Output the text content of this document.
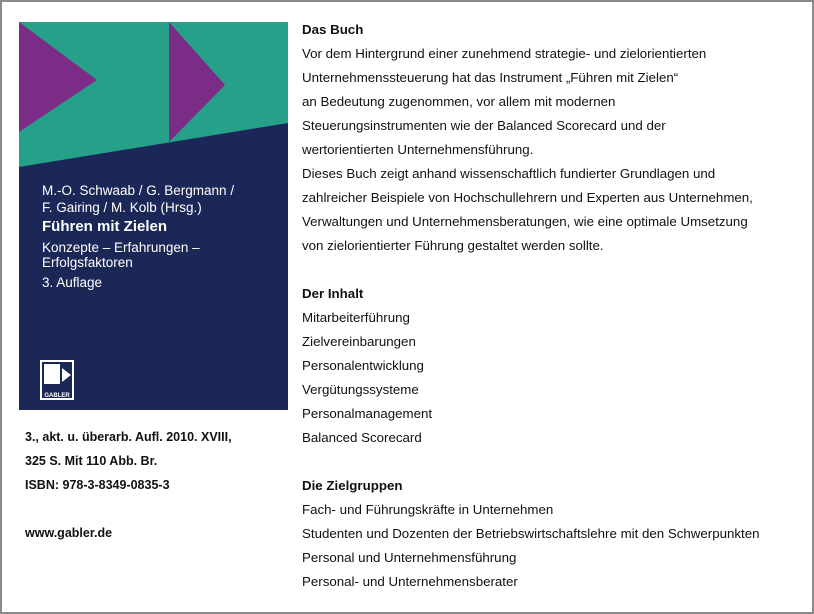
M.-O. Schwaab / G. Bergmann /
F. Gairing / M. Kolb (Hrsg.)
Führen mit Zielen
Konzepte – Erfahrungen –
Erfolgsfaktoren
3. Auflage
GABLER
3., akt. u. überarb. Aufl. 2010. XVIII,
325 S. Mit 110 Abb. Br.
ISBN: 978-3-8349-0835-3
www.gabler.de
Das Buch
Vor dem Hintergrund einer zunehmend strategie- und zielorientierten
Unternehmenssteuerung hat das Instrument „Führen mit Zielen“
an Bedeutung zugenommen, vor allem mit modernen
Steuerungsinstrumenten wie der Balanced Scorecard und der
wertorientierten Unternehmensführung.
Dieses Buch zeigt anhand wissenschaftlich fundierter Grundlagen und
zahlreicher Beispiele von Hochschullehrern und Experten aus Unternehmen,
Verwaltungen und Unternehmensberatungen, wie eine optimale Umsetzung
von zielorientierter Führung gestaltet werden sollte.
Der Inhalt
Mitarbeiterführung
Zielvereinbarungen
Personalentwicklung
Vergütungssysteme
Personalmanagement
Balanced Scorecard
Die Zielgruppen
Fach- und Führungskräfte in Unternehmen
Studenten und Dozenten der Betriebswirtschaftslehre mit den Schwerpunkten
Personal und Unternehmensführung
Personal- und Unternehmensberater
